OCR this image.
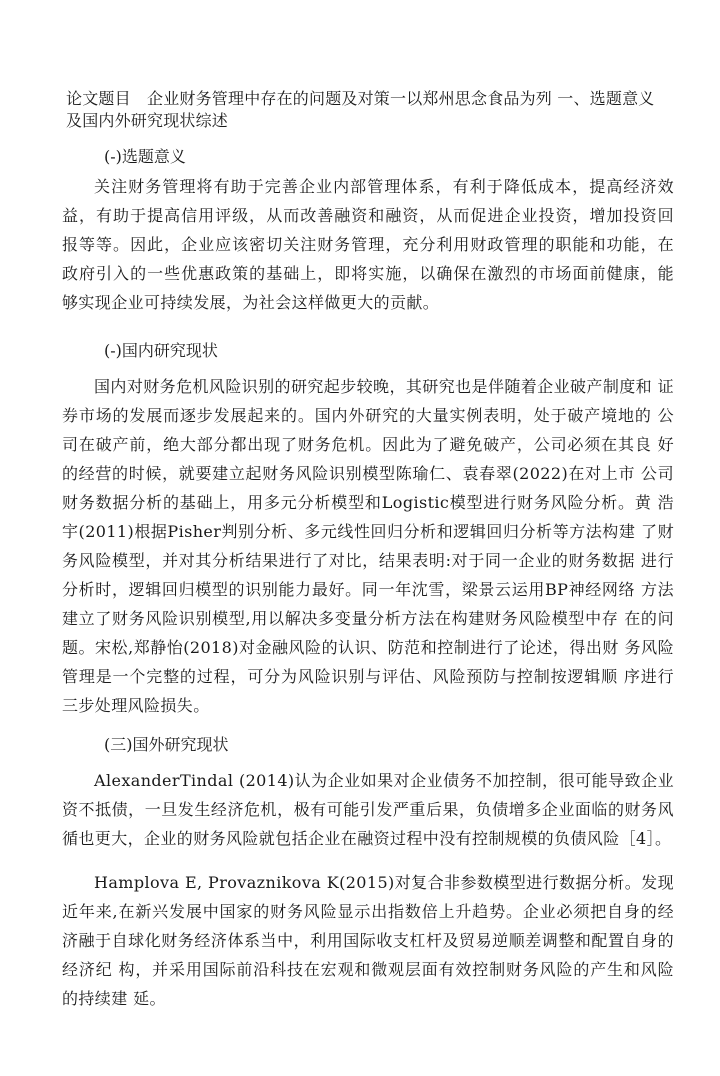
论文题目　企业财务管理中存在的问题及对策一以郑州思念食品为列 一、选题意义及国内外研究现状综述
(-)选题意义
关注财务管理将有助于完善企业内部管理体系，有利于降低成本，提高经济效 益，有助于提高信用评级，从而改善融资和融资，从而促进企业投资，增加投资回 报等等。因此，企业应该密切关注财务管理，充分利用财政管理的职能和功能，在 政府引入的一些优惠政策的基础上，即将实施，以确保在激烈的市场面前健康，能 够实现企业可持续发展，为社会这样做更大的贡献。
(-)国内研究现状
国内对财务危机风险识别的研究起步较晚，其研究也是伴随着企业破产制度和 证券市场的发展而逐步发展起来的。国内外研究的大量实例表明，处于破产境地的 公司在破产前，绝大部分都出现了财务危机。因此为了避免破产，公司必须在其良 好的经营的时候，就要建立起财务风险识别模型陈瑜仁、袁春翠(2022)在对上市 公司财务数据分析的基础上，用多元分析模型和Logistic模型进行财务风险分析。黄 浩宇(2011)根据Pisher判别分析、多元线性回归分析和逻辑回归分析等方法构建 了财务风险模型，并对其分析结果进行了对比，结果表明:对于同一企业的财务数据 进行分析时，逻辑回归模型的识别能力最好。同一年沈雪，梁景云运用BP神经网络 方法建立了财务风险识别模型,用以解决多变量分析方法在构建财务风险模型中存 在的问题。宋松,郑静怡(2018)对金融风险的认识、防范和控制进行了论述，得出财 务风险管理是一个完整的过程，可分为风险识别与评估、风险预防与控制按逻辑顺 序进行三步处理风险损失。
(三)国外研究现状
AlexanderTindal (2014)认为企业如果对企业债务不加控制，很可能导致企业资不抵债，一旦发生经济危机，极有可能引发严重后果，负债增多企业面临的财务风循也更大，企业的财务风险就包括企业在融资过程中没有控制规模的负债风险［4］。
Hamplova E, Provaznikova K(2015)对复合非参数模型进行数据分析。发现近年来,在新兴发展中国家的财务风险显示出指数倍上升趋势。企业必须把自身的经济融于自球化财务经济体系当中，利用国际收支杠杆及贸易逆顺差调整和配置自身的经济纪 构，并采用国际前沿科技在宏观和微观层面有效控制财务风险的产生和风险的持续建 延。
